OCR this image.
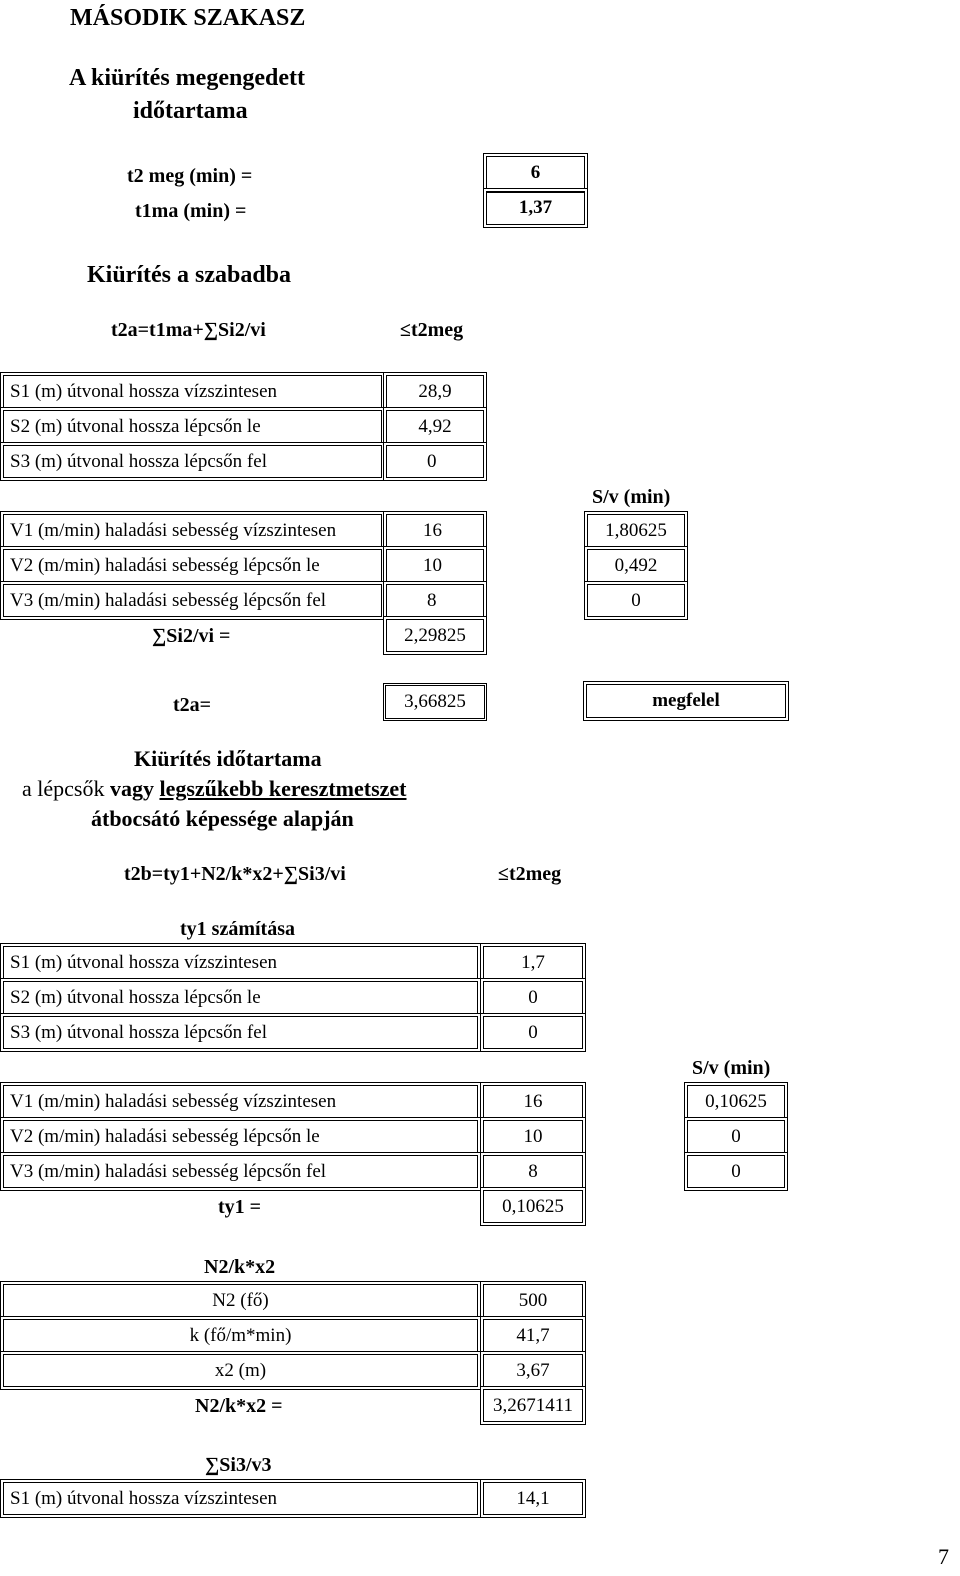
MÁSODIK SZAKASZ
A kiürítés megengedett
időtartama
t2 meg (min) =	6
t1ma (min) =	1,37
Kiürítés a szabadba
t2a=t1ma+∑Si2/vi	≤t2meg
S1 (m) útvonal hossza vízszintesen	28,9
S2 (m) útvonal hossza lépcsőn le	4,92
S3 (m) útvonal hossza lépcsőn fel	0
S/v (min)
V1 (m/min) haladási sebesség vízszintesen	16	1,80625
V2 (m/min) haladási sebesség lépcsőn le	10	0,492
V3 (m/min) haladási sebesség lépcsőn fel	8	0
∑Si2/vi =	2,29825
t2a=	3,66825	megfelel
Kiürítés időtartama
a lépcsők vagy legszűkebb keresztmetszet
átbocsátó képessége alapján
t2b=ty1+N2/k*x2+∑Si3/vi	≤t2meg
ty1 számítása
S1 (m) útvonal hossza vízszintesen	1,7
S2 (m) útvonal hossza lépcsőn le	0
S3 (m) útvonal hossza lépcsőn fel	0
S/v (min)
V1 (m/min) haladási sebesség vízszintesen	16	0,10625
V2 (m/min) haladási sebesség lépcsőn le	10	0
V3 (m/min) haladási sebesség lépcsőn fel	8	0
ty1 =	0,10625
N2/k*x2
N2 (fő)	500
k (fő/m*min)	41,7
x2 (m)	3,67
N2/k*x2 =	3,2671411
∑Si3/v3
S1 (m) útvonal hossza vízszintesen	14,1
7
